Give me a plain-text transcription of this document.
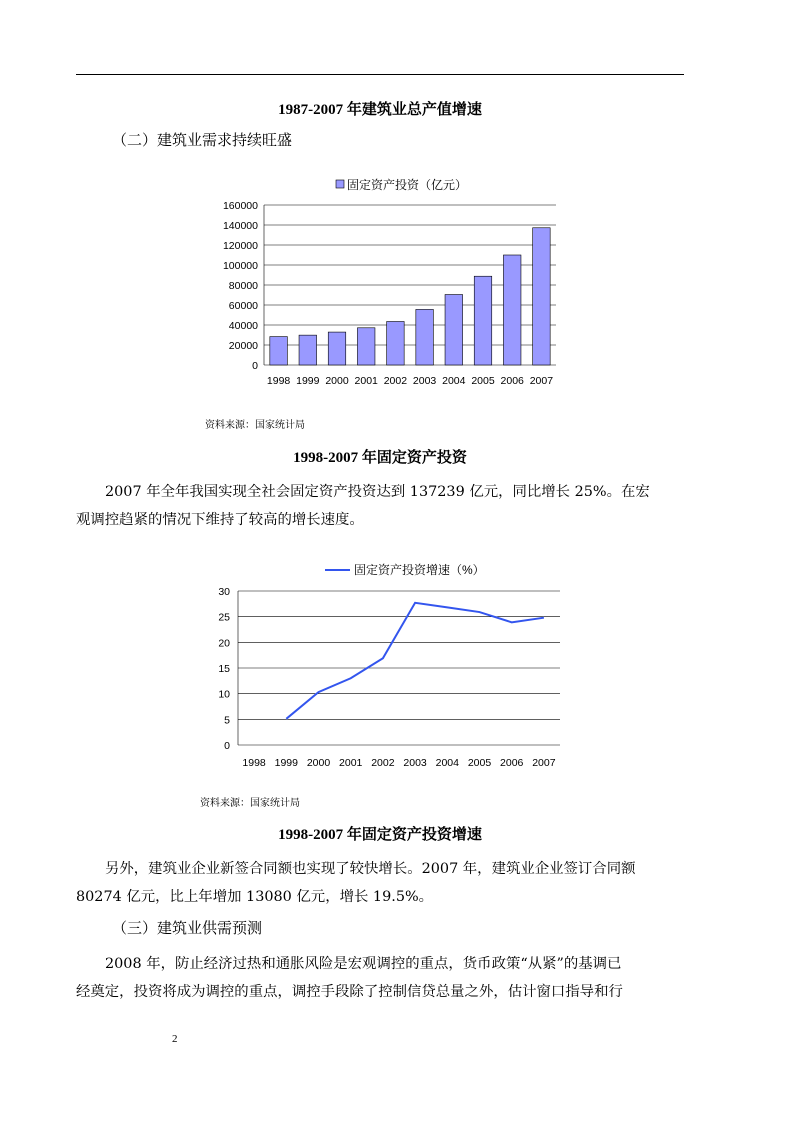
1987-2007 年建筑业总产值增速
（二）建筑业需求持续旺盛
固定资产投资（亿元）
0
20000
40000
60000
80000
100000
120000
140000
160000
1998 1999 2000 2001 2002 2003 2004 2005 2006 2007
资料来源：国家统计局
1998-2007 年固定资产投资
2007 年全年我国实现全社会固定资产投资达到 137239 亿元，同比增长 25%。在宏
观调控趋紧的情况下维持了较高的增长速度。
固定资产投资增速（%）
0
5
10
15
20
25
30
1998 1999 2000 2001 2002 2003 2004 2005 2006 2007
资料来源：国家统计局
1998-2007 年固定资产投资增速
另外，建筑业企业新签合同额也实现了较快增长。2007 年，建筑业企业签订合同额
80274 亿元，比上年增加 13080 亿元，增长 19.5%。
（三）建筑业供需预测
2008 年，防止经济过热和通胀风险是宏观调控的重点，货币政策“从紧”的基调已
经奠定，投资将成为调控的重点，调控手段除了控制信贷总量之外，估计窗口指导和行
2
